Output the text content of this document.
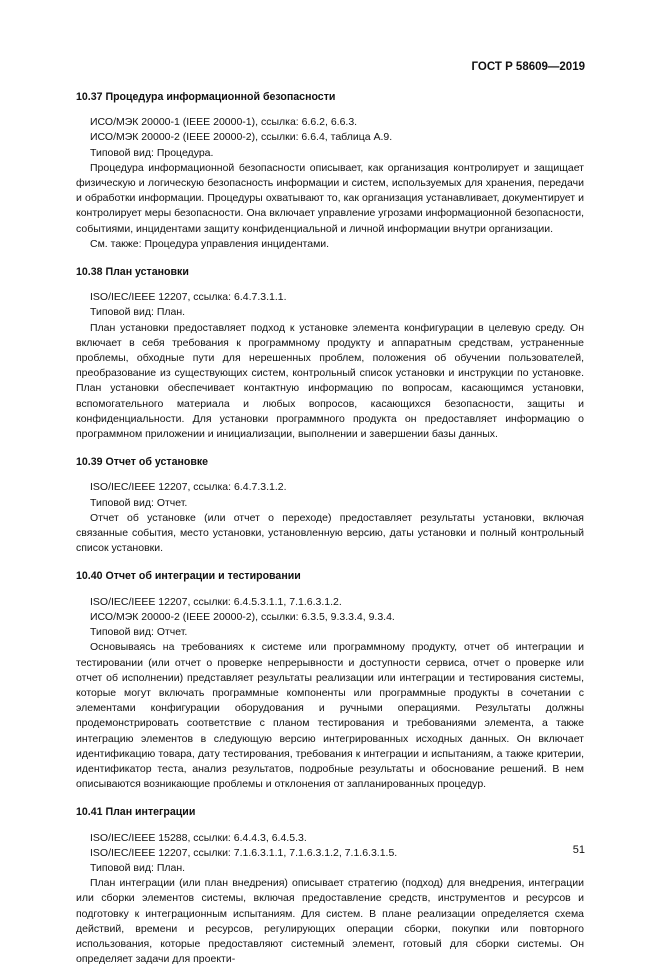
ГОСТ Р 58609—2019
10.37 Процедура информационной безопасности
ИСО/МЭК 20000-1 (IEEE 20000-1), ссылка: 6.6.2, 6.6.3.
ИСО/МЭК 20000-2 (IEEE 20000-2), ссылки: 6.6.4, таблица А.9.
Типовой вид: Процедура.
Процедура информационной безопасности описывает, как организация контролирует и защищает физическую и логическую безопасность информации и систем, используемых для хранения, передачи и обработки информации. Процедуры охватывают то, как организация устанавливает, документирует и контролирует меры безопасности. Она включает управление угрозами информационной безопасности, событиями, инцидентами защиту конфиденциальной и личной информации внутри организации.
См. также: Процедура управления инцидентами.
10.38 План установки
ISO/IEC/IEEE 12207, ссылка: 6.4.7.3.1.1.
Типовой вид: План.
План установки предоставляет подход к установке элемента конфигурации в целевую среду. Он включает в себя требования к программному продукту и аппаратным средствам, устраненные проблемы, обходные пути для нерешенных проблем, положения об обучении пользователей, преобразование из существующих систем, контрольный список установки и инструкции по установке. План установки обеспечивает контактную информацию по вопросам, касающимся установки, вспомогательного материала и любых вопросов, касающихся безопасности, защиты и конфиденциальности. Для установки программного продукта он предоставляет информацию о программном приложении и инициализации, выполнении и завершении базы данных.
10.39 Отчет об установке
ISO/IEC/IEEE 12207, ссылка: 6.4.7.3.1.2.
Типовой вид: Отчет.
Отчет об установке (или отчет о переходе) предоставляет результаты установки, включая связанные события, место установки, установленную версию, даты установки и полный контрольный список установки.
10.40 Отчет об интеграции и тестировании
ISO/IEC/IEEE 12207, ссылки: 6.4.5.3.1.1, 7.1.6.3.1.2.
ИСО/МЭК 20000-2 (IEEE 20000-2), ссылки: 6.3.5, 9.3.3.4, 9.3.4.
Типовой вид: Отчет.
Основываясь на требованиях к системе или программному продукту, отчет об интеграции и тестировании (или отчет о проверке непрерывности и доступности сервиса, отчет о проверке или отчет об исполнении) представляет результаты реализации или интеграции и тестирования системы, которые могут включать программные компоненты или программные продукты в сочетании с элементами конфигурации оборудования и ручными операциями. Результаты должны продемонстрировать соответствие с планом тестирования и требованиями элемента, а также интеграцию элементов в следующую версию интегрированных исходных данных. Он включает идентификацию товара, дату тестирования, требования к интеграции и испытаниям, а также критерии, идентификатор теста, анализ результатов, подробные результаты и обоснование решений. В нем описываются возникающие проблемы и отклонения от запланированных процедур.
10.41 План интеграции
ISO/IEC/IEEE 15288, ссылки: 6.4.4.3, 6.4.5.3.
ISO/IEC/IEEE 12207, ссылки: 7.1.6.3.1.1, 7.1.6.3.1.2, 7.1.6.3.1.5.
Типовой вид: План.
План интеграции (или план внедрения) описывает стратегию (подход) для внедрения, интеграции или сборки элементов системы, включая предоставление средств, инструментов и ресурсов и подготовку к интеграционным испытаниям. Для систем. В плане реализации определяется схема действий, времени и ресурсов, регулирующих операции сборки, покупки или повторного использования, которые предоставляют системный элемент, готовый для сборки системы. Он определяет задачи для проекти-
51
